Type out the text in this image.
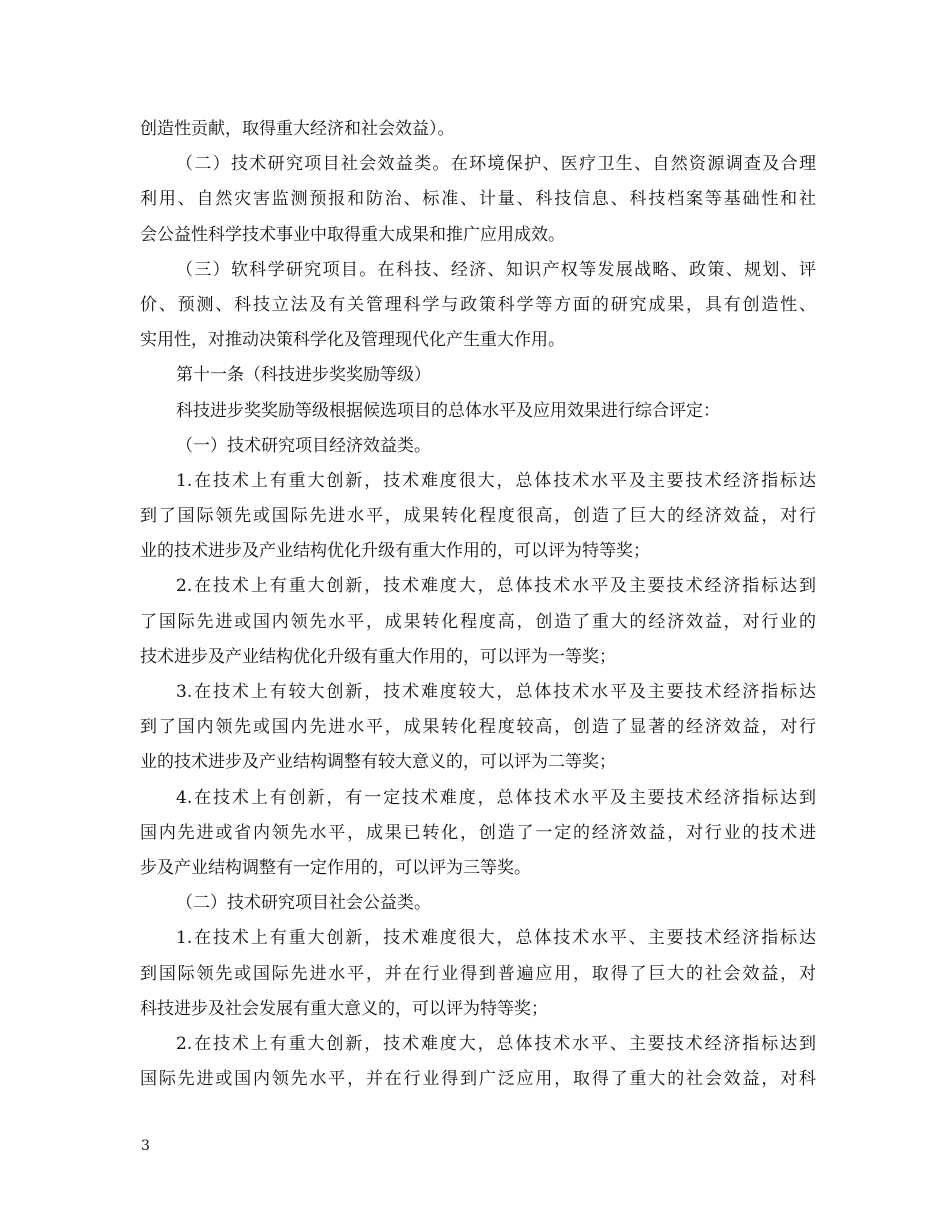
创造性贡献，取得重大经济和社会效益）。
（二）技术研究项目社会效益类。在环境保护、医疗卫生、自然资源调查及合理
利用、自然灾害监测预报和防治、标准、计量、科技信息、科技档案等基础性和社
会公益性科学技术事业中取得重大成果和推广应用成效。
（三）软科学研究项目。在科技、经济、知识产权等发展战略、政策、规划、评
价、预测、科技立法及有关管理科学与政策科学等方面的研究成果，具有创造性、
实用性，对推动决策科学化及管理现代化产生重大作用。
第十一条（科技进步奖奖励等级）
科技进步奖奖励等级根据候选项目的总体水平及应用效果进行综合评定：
（一）技术研究项目经济效益类。
1.在技术上有重大创新，技术难度很大，总体技术水平及主要技术经济指标达
到了国际领先或国际先进水平，成果转化程度很高，创造了巨大的经济效益，对行
业的技术进步及产业结构优化升级有重大作用的，可以评为特等奖；
2.在技术上有重大创新，技术难度大，总体技术水平及主要技术经济指标达到
了国际先进或国内领先水平，成果转化程度高，创造了重大的经济效益，对行业的
技术进步及产业结构优化升级有重大作用的，可以评为一等奖；
3.在技术上有较大创新，技术难度较大，总体技术水平及主要技术经济指标达
到了国内领先或国内先进水平，成果转化程度较高，创造了显著的经济效益，对行
业的技术进步及产业结构调整有较大意义的，可以评为二等奖；
4.在技术上有创新，有一定技术难度，总体技术水平及主要技术经济指标达到
国内先进或省内领先水平，成果已转化，创造了一定的经济效益，对行业的技术进
步及产业结构调整有一定作用的，可以评为三等奖。
（二）技术研究项目社会公益类。
1.在技术上有重大创新，技术难度很大，总体技术水平、主要技术经济指标达
到国际领先或国际先进水平，并在行业得到普遍应用，取得了巨大的社会效益，对
科技进步及社会发展有重大意义的，可以评为特等奖；
2.在技术上有重大创新，技术难度大，总体技术水平、主要技术经济指标达到
国际先进或国内领先水平，并在行业得到广泛应用，取得了重大的社会效益，对科
3
